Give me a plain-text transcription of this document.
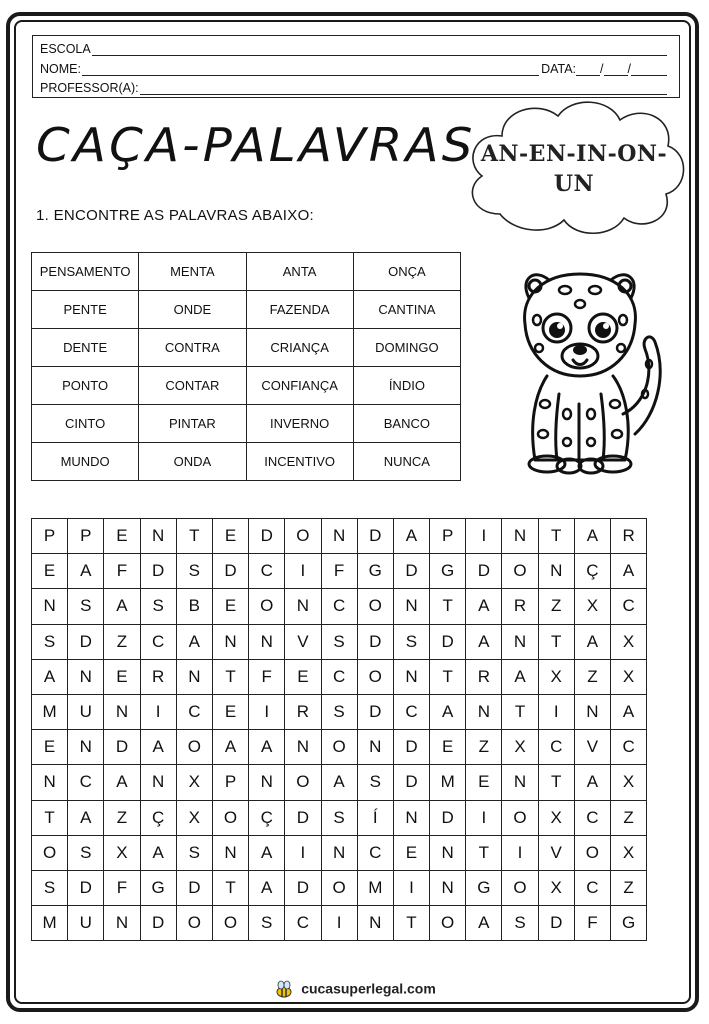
ESCOLA
NOME:	DATA: / /
PROFESSOR(A):
CAÇA-PALAVRAS AN-EN-IN-ON-
UN
1. ENCONTRE AS PALAVRAS ABAIXO:
PENSAMENTO	MENTA	ANTA	ONÇA
PENTE	ONDE	FAZENDA	CANTINA
DENTE	CONTRA	CRIANÇA	DOMINGO
PONTO	CONTAR	CONFIANÇA	ÍNDIO
CINTO	PINTAR	INVERNO	BANCO
MUNDO	ONDA	INCENTIVO	NUNCA
P	P	E	N	T	E	D	O	N	D	A	P	I	N	T	A	R
E	A	F	D	S	D	C	I	F	G	D	G	D	O	N	Ç	A
N	S	A	S	B	E	O	N	C	O	N	T	A	R	Z	X	C
S	D	Z	C	A	N	N	V	S	D	S	D	A	N	T	A	X
A	N	E	R	N	T	F	E	C	O	N	T	R	A	X	Z	X
M	U	N	I	C	E	I	R	S	D	C	A	N	T	I	N	A
E	N	D	A	O	A	A	N	O	N	D	E	Z	X	C	V	C
N	C	A	N	X	P	N	O	A	S	D	M	E	N	T	A	X
T	A	Z	Ç	X	O	Ç	D	S	Í	N	D	I	O	X	C	Z
O	S	X	A	S	N	A	I	N	C	E	N	T	I	V	O	X
S	D	F	G	D	T	A	D	O	M	I	N	G	O	X	C	Z
M	U	N	D	O	O	S	C	I	N	T	O	A	S	D	F	G
cucasuperlegal.com
